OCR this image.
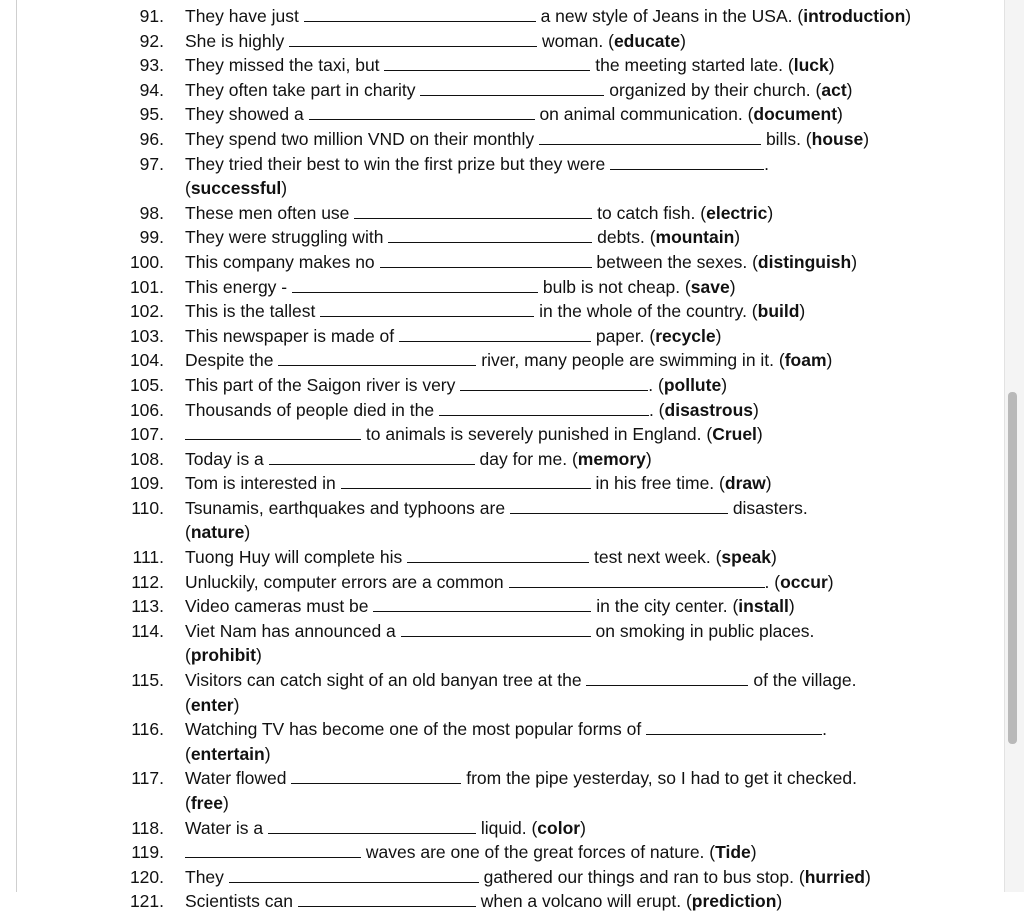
91.	They have just	a new style of Jeans in the USA. (introduction)
92.	She is highly	woman. (educate)
93.	They missed the taxi, but	the meeting started late. (luck)
94.	They often take part in charity	organized by their church. (act)
95.	They showed a	on animal communication. (document)
96.	They spend two million VND on their monthly	bills. (house)
97.	They tried their best to win the first prize but they were	.
(successful)
98.	These men often use	to catch fish. (electric)
99.	They were struggling with	debts. (mountain)
100.	This company makes no	between the sexes. (distinguish)
101.	This energy -	bulb is not cheap. (save)
102.	This is the tallest	in the whole of the country. (build)
103.	This newspaper is made of	paper. (recycle)
104.	Despite the	river, many people are swimming in it. (foam)
105.	This part of the Saigon river is very	. (pollute)
106.	Thousands of people died in the	. (disastrous)
107.	to animals is severely punished in England. (Cruel)
108.	Today is a	day for me. (memory)
109.	Tom is interested in	in his free time. (draw)
110.	Tsunamis, earthquakes and typhoons are	disasters.
(nature)
111.	Tuong Huy will complete his	test next week. (speak)
112.	Unluckily, computer errors are a common	. (occur)
113.	Video cameras must be	in the city center. (install)
114.	Viet Nam has announced a	on smoking in public places.
(prohibit)
115.	Visitors can catch sight of an old banyan tree at the	of the village.
(enter)
116.	Watching TV has become one of the most popular forms of	.
(entertain)
117.	Water flowed	from the pipe yesterday, so I had to get it checked.
(free)
118.	Water is a	liquid. (color)
119.	waves are one of the great forces of nature. (Tide)
120.	They	gathered our things and ran to bus stop. (hurried)
121.	Scientists can	when a volcano will erupt. (prediction)
